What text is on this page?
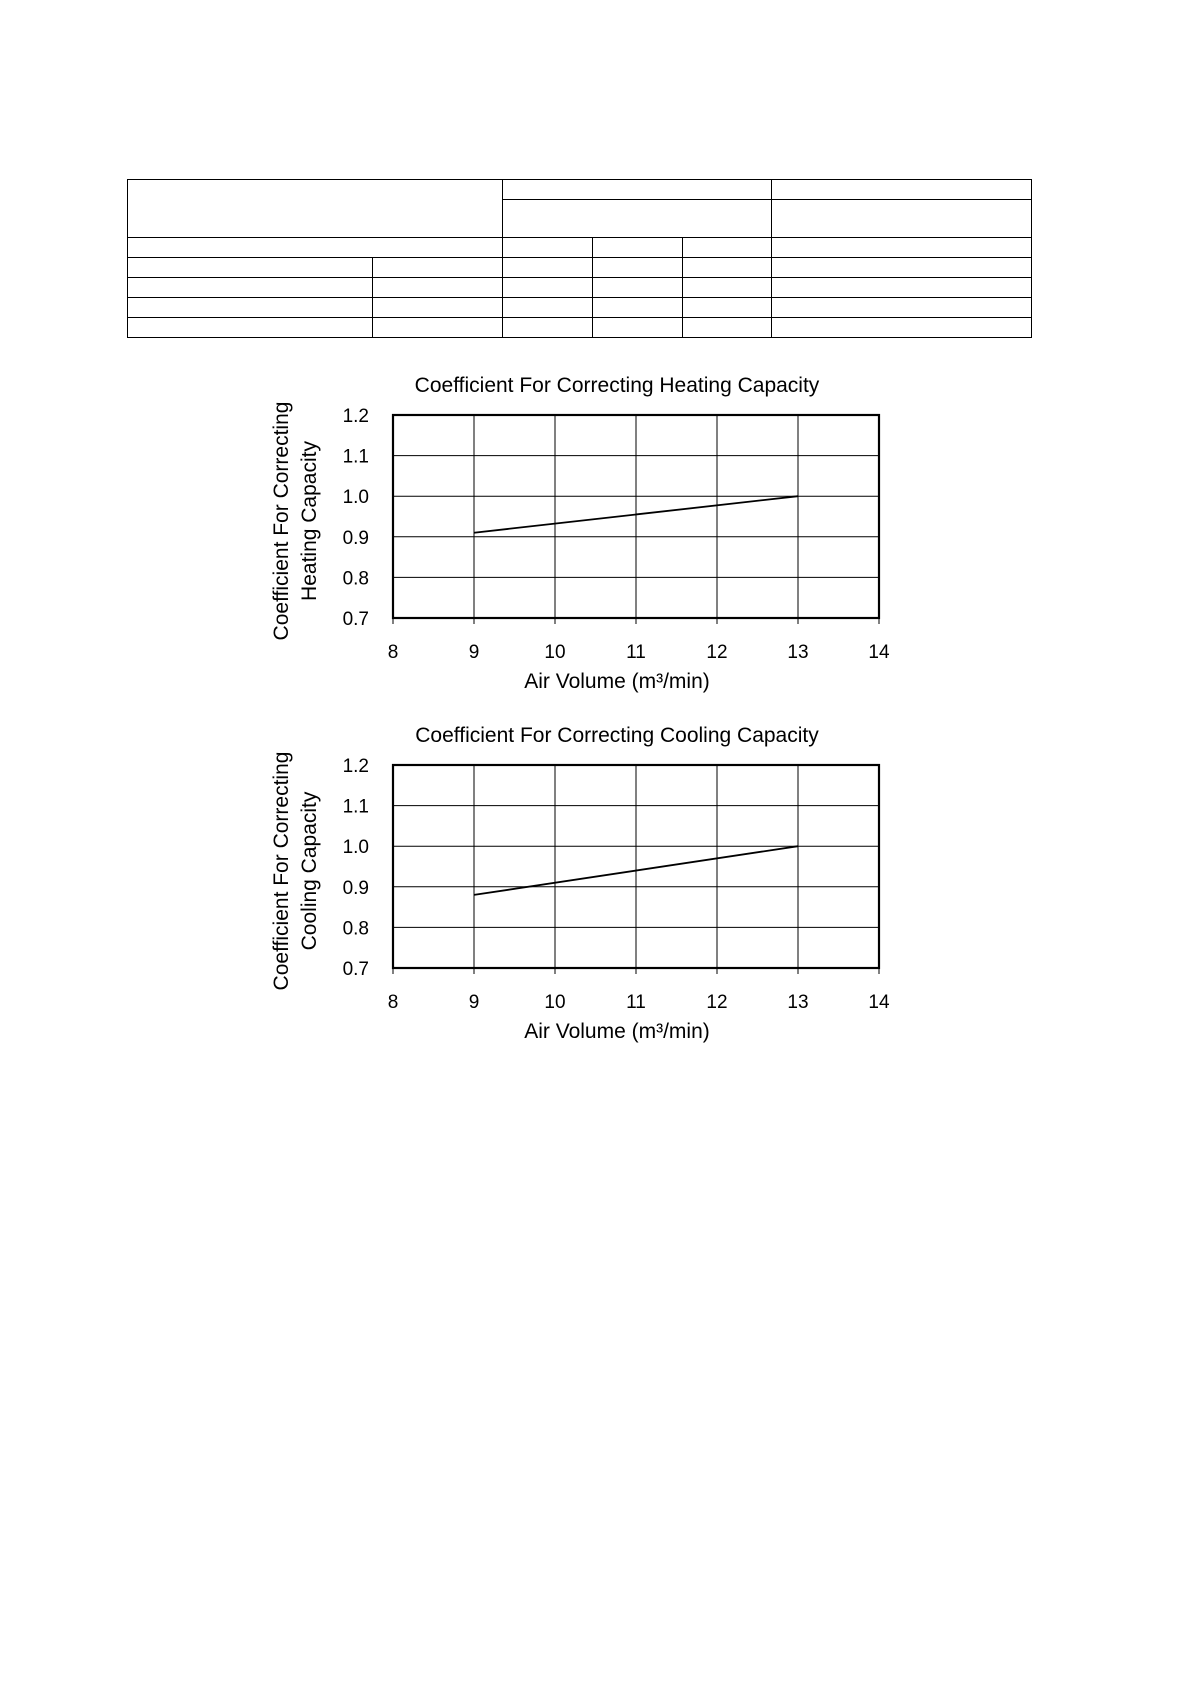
Coefficient For Correcting Heating Capacity
0.7
0.8
0.9
1.0
1.1
1.2
8	9	10	11	12	13	14
Coefficient For Correcting Heating Capacity
Air Volume (m³/min)
Coefficient For Correcting Cooling Capacity
0.7
0.8
0.9
1.0
1.1
1.2
8	9	10	11	12	13	14
Coefficient For Correcting Cooling Capacity
Air Volume (m³/min)
